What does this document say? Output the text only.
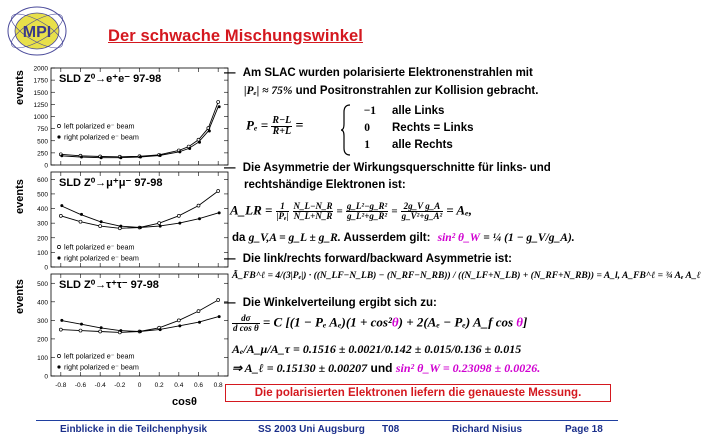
MPI	Der schwache Mischungswinkel
events
events
events
0
250
500
750
1000
1250
1500
1750
2000
SLD Z⁰→e⁺e⁻ 97-98
left polarized e⁻ beam
right polarized e⁻ beam
0
100
200
300
400
500
600 SLD Z⁰→μ⁺μ⁻ 97-98
left polarized e⁻ beam
right polarized e⁻ beam
0
100
200
300
400
500 SLD Z⁰→τ⁺τ⁻ 97-98
left polarized e⁻ beam
right polarized e⁻ beam
-0.8 -0.6 -0.4 -0.2 0 0.2 0.4 0.6 0.8
cosθ
— Am SLAC wurden polarisierte Elektronenstrahlen mit
|Pₑ| ≈ 75% und Positronstrahlen zur Kollision gebracht.
$P_e = \frac{R-L}{R+L}$ =
−1 alle Links
0 Rechts = Links
1 alle Rechts
— Die Asymmetrie der Wirkungsquerschnitte für links- und
rechtshändige Elektronen ist:
A_LR = $\frac{1}{\text{|Pₑ|}}$
$\frac{N\_L-N\_R}{N\_L+N\_R} = \frac{\text{g\_L²−g\_R²}}{\text{g\_L²+g\_R²}} = \frac{\text{2g\_V g\_A}}{\text{g\_V²+g\_A²}} = A_e$,
da g_V,A = g_L ± g_R. Ausserdem gilt: sin² θ_W = ¼ (1 − g_V/g_A).
— Die link/rechts forward/backward Asymmetrie ist:
Ã_FB^ℓ = 4/(3|Pₑ|) · ((N_LF−N_LB) − (N_RF−N_RB)) / ((N_LF+N_LB) + (N_RF+N_RB)) = A_l, A_FB^ℓ = ¾ Aₑ A_ℓ
— Die Winkelverteilung ergibt sich zu:
$\frac{d\sigma}{\text{d cos θ}} = C$ [(1 − Pₑ Aₑ)(1 + cos²θ) + 2(Aₑ − Pₑ) A_f cos θ]
Aₑ/A_μ/A_τ = 0.1516 ± 0.0021/0.142 ± 0.015/0.136 ± 0.015
⇒ A_ℓ = 0.15130 ± 0.00207 und sin² θ_W = 0.23098 ± 0.0026.
Die polarisierten Elektronen liefern die genaueste Messung.
Einblicke in die Teilchenphysik	SS 2003 Uni Augsburg T08	Richard Nisius	Page 18
